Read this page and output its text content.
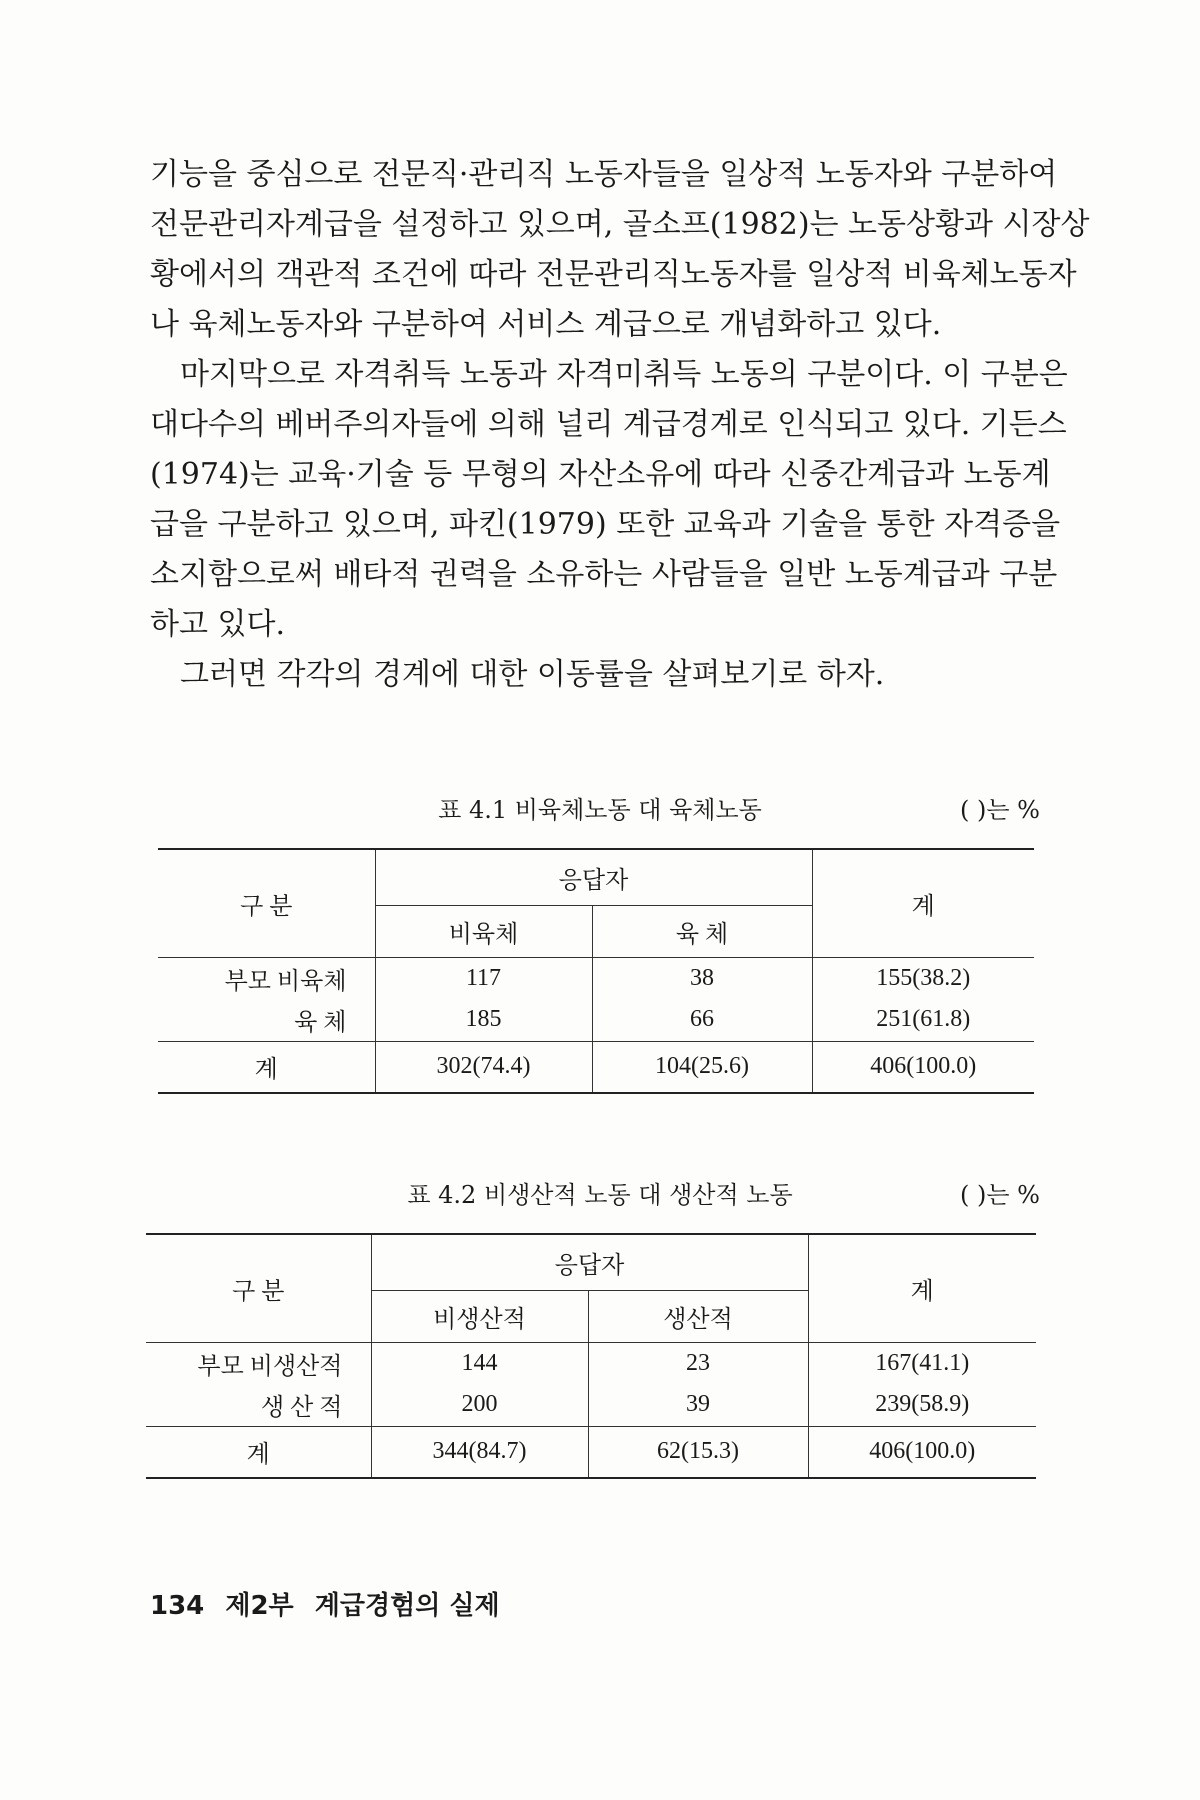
기능을 중심으로 전문직·관리직 노동자들을 일상적 노동자와 구분하여
전문관리자계급을 설정하고 있으며, 골소프(1982)는 노동상황과 시장상
황에서의 객관적 조건에 따라 전문관리직노동자를 일상적 비육체노동자
나 육체노동자와 구분하여 서비스 계급으로 개념화하고 있다.

마지막으로 자격취득 노동과 자격미취득 노동의 구분이다. 이 구분은
대다수의 베버주의자들에 의해 널리 계급경계로 인식되고 있다. 기든스
(1974)는 교육·기술 등 무형의 자산소유에 따라 신중간계급과 노동계
급을 구분하고 있으며, 파킨(1979) 또한 교육과 기술을 통한 자격증을
소지함으로써 배타적 권력을 소유하는 사람들을 일반 노동계급과 구분
하고 있다.

그러면 각각의 경계에 대한 이동률을 살펴보기로 하자.

표 4.1 비육체노동 대 육체노동	( )는 %
구 분	응답자		계
	비육체	육 체	
부모 비육체	117	38	155(38.2)
육 체	185	66	251(61.8)
계	302(74.4)	104(25.6)	406(100.0)
표 4.2 비생산적 노동 대 생산적 노동	( )는 %
구 분	응답자		계
	비생산적	생산적	
부모 비생산적	144	23	167(41.1)
생 산 적	200	39	239(58.9)
계	344(84.7)	62(15.3)	406(100.0)
134 제2부 계급경험의 실제
